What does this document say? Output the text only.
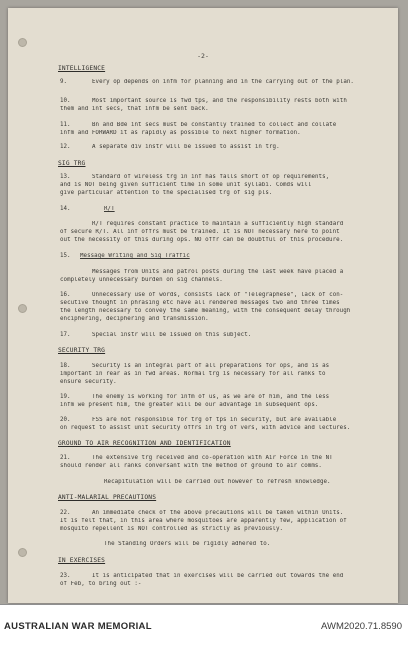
-2-
INTELLIGENCE
9.	Every op depends on infm for planning and in the carrying out of the plan.
10.	Most important source is fwd tps, and the responsibility rests both with
them and int secs, that infm be sent back.
11.	Bn and Bde int secs must be constantly trained to collect and collate
infm and FORWARD it as rapidly as possible to next higher formation.
12.	A separate div instr will be issued to assist in trg.
SIG TRG
13.	Standard of wireless trg in inf has falls short of op requirements,
and is NOT being given sufficient time in some unit syllabi. Comds will
give particular attention to the specialised trg of sig pls.
14.	R/T
R/T requires constant practice to maintain a sufficiently high standard
of secure R/T. All inf offrs must be trained. It is NOT necessary here to point
out the necessity of this during ops. NO offr can be doubtful of this procedure.
15. Message Writing and Sig Traffic
Messages from Units and patrol posts during the last week have placed a
completely unnecessary burden on sig channels.
16.	Unnecessary use of words, consists lack of "Telegraphese", lack of con-
secutive thought in phrasing etc have all rendered messages two and three times
the length necessary to convey the same meaning, with the consequent delay through
enciphering, deciphering and transmission.
17.	Special instr will be issued on this subject.
SECURITY TRG
18.	Security is an integral part of all preparations for ops, and is as
important in rear as in fwd areas. Normal trg is necessary for all ranks to
ensure security.
19.	The enemy is working for infm of us, as we are of him, and the less
infm we present him, the greater will be our advantage in subsequent ops.
20.	FSS are not responsible for trg of tps in security, but are available
on request to assist unit security offrs in trg of vers, with advice and lectures.
GROUND TO AIR RECOGNITION AND IDENTIFICATION
21.	The extensive trg received and co-operation with Air Force in the NT
should render all ranks conversant with the method of ground to air comms.
Recapitulation will be carried out however to refresh knowledge.
ANTI-MALARIAL PRECAUTIONS
22.	An immediate check of the above precautions will be taken within Units.
It is felt that, in this area where mosquitoes are apparently few, application of
mosquito repellent is NOT controlled as strictly as previously.
The Standing Orders will be rigidly adhered to.
IN EXERCISES
23.	It is anticipated that in exercises will be carried out towards the end
of Feb, to bring out :-
AUSTRALIAN WAR MEMORIAL	AWM2020.71.8590
